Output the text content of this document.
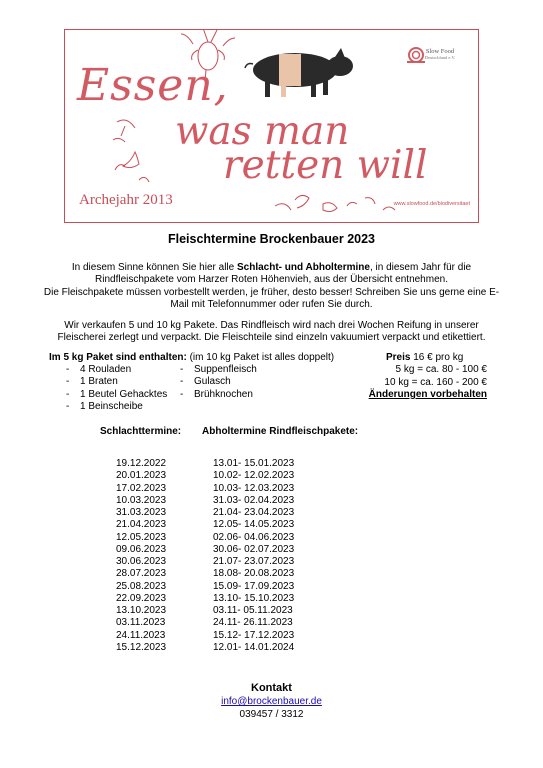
Essen,
was man
retten will
Archejahr 2013
Slow Food
Deutschland e.V.
www.slowfood.de/biodiversitaet
Fleischtermine Brockenbauer 2023

In diesem Sinne können Sie hier alle Schlacht- und Abholtermine, in diesem Jahr für die Rindfleischpakete vom Harzer Roten Höhenvieh, aus der Übersicht entnehmen.
Die Fleischpakete müssen vorbestellt werden, je früher, desto besser! Schreiben Sie uns gerne eine E-Mail mit Telefonnummer oder rufen Sie durch.

Wir verkaufen 5 und 10 kg Pakete. Das Rindfleisch wird nach drei Wochen Reifung in unserer Fleischerei zerlegt und verpackt. Die Fleischteile sind einzeln vakuumiert verpackt und etikettiert.

Im 5 kg Paket sind enthalten: (im 10 kg Paket ist alles doppelt)
- 4 Rouladen
- 1 Braten
- 1 Beutel Gehacktes
- 1 Beinscheibe
- Suppenfleisch
- Gulasch
- Brühknochen
Preis 16 € pro kg
5 kg = ca. 80 - 100 €
10 kg = ca. 160 - 200 €
Änderungen vorbehalten
Schlachttermine: Abholtermine Rindfleischpakete:
19.12.2022
20.01.2023
17.02.2023
10.03.2023
31.03.2023
21.04.2023
12.05.2023
09.06.2023
30.06.2023
28.07.2023
25.08.2023
22.09.2023
13.10.2023
03.11.2023
24.11.2023
15.12.2023
13.01- 15.01.2023
10.02- 12.02.2023
10.03- 12.03.2023
31.03- 02.04.2023
21.04- 23.04.2023
12.05- 14.05.2023
02.06- 04.06.2023
30.06- 02.07.2023
21.07- 23.07.2023
18.08- 20.08.2023
15.09- 17.09.2023
13.10- 15.10.2023
03.11- 05.11.2023
24.11- 26.11.2023
15.12- 17.12.2023
12.01- 14.01.2024
Kontakt
info@brockenbauer.de
039457 / 3312
